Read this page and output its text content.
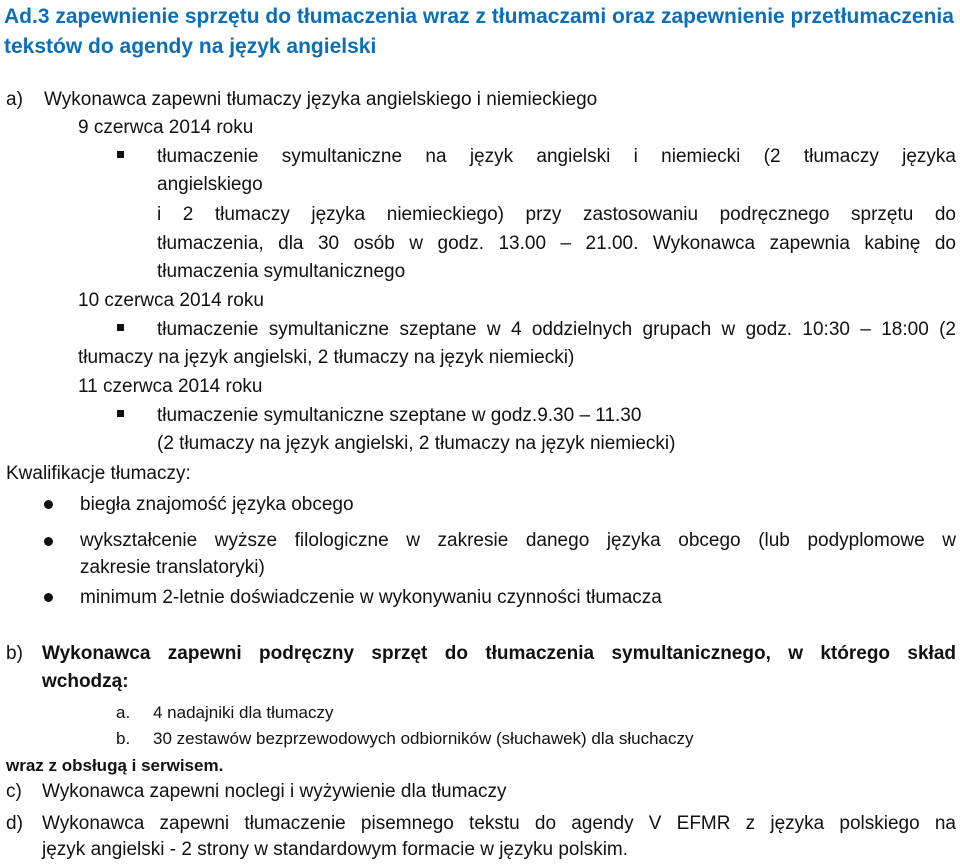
Ad.3 zapewnienie sprzętu do tłumaczenia wraz z tłumaczami oraz zapewnienie przetłumaczenia
tekstów do agendy na język angielski
a) Wykonawca zapewni tłumaczy języka angielskiego i niemieckiego
9 czerwca 2014 roku
tłumaczenie symultaniczne na język angielski i niemiecki (2 tłumaczy języka
angielskiego
i 2 tłumaczy języka niemieckiego) przy zastosowaniu podręcznego sprzętu do
tłumaczenia, dla 30 osób w godz. 13.00 – 21.00. Wykonawca zapewnia kabinę do
tłumaczenia symultanicznego
10 czerwca 2014 roku
tłumaczenie symultaniczne szeptane w 4 oddzielnych grupach w godz. 10:30 – 18:00 (2
tłumaczy na język angielski, 2 tłumaczy na język niemiecki)
11 czerwca 2014 roku
tłumaczenie symultaniczne szeptane w godz.9.30 – 11.30
(2 tłumaczy na język angielski, 2 tłumaczy na język niemiecki)
Kwalifikacje tłumaczy:
biegła znajomość języka obcego
wykształcenie wyższe filologiczne w zakresie danego języka obcego (lub podyplomowe w
zakresie translatoryki)
minimum 2-letnie doświadczenie w wykonywaniu czynności tłumacza
b) Wykonawca zapewni podręczny sprzęt do tłumaczenia symultanicznego, w którego skład
wchodzą:
a. 4 nadajniki dla tłumaczy
b. 30 zestawów bezprzewodowych odbiorników (słuchawek) dla słuchaczy
wraz z obsługą i serwisem.
c) Wykonawca zapewni noclegi i wyżywienie dla tłumaczy
d) Wykonawca zapewni tłumaczenie pisemnego tekstu do agendy V EFMR z języka polskiego na
język angielski - 2 strony w standardowym formacie w języku polskim.
